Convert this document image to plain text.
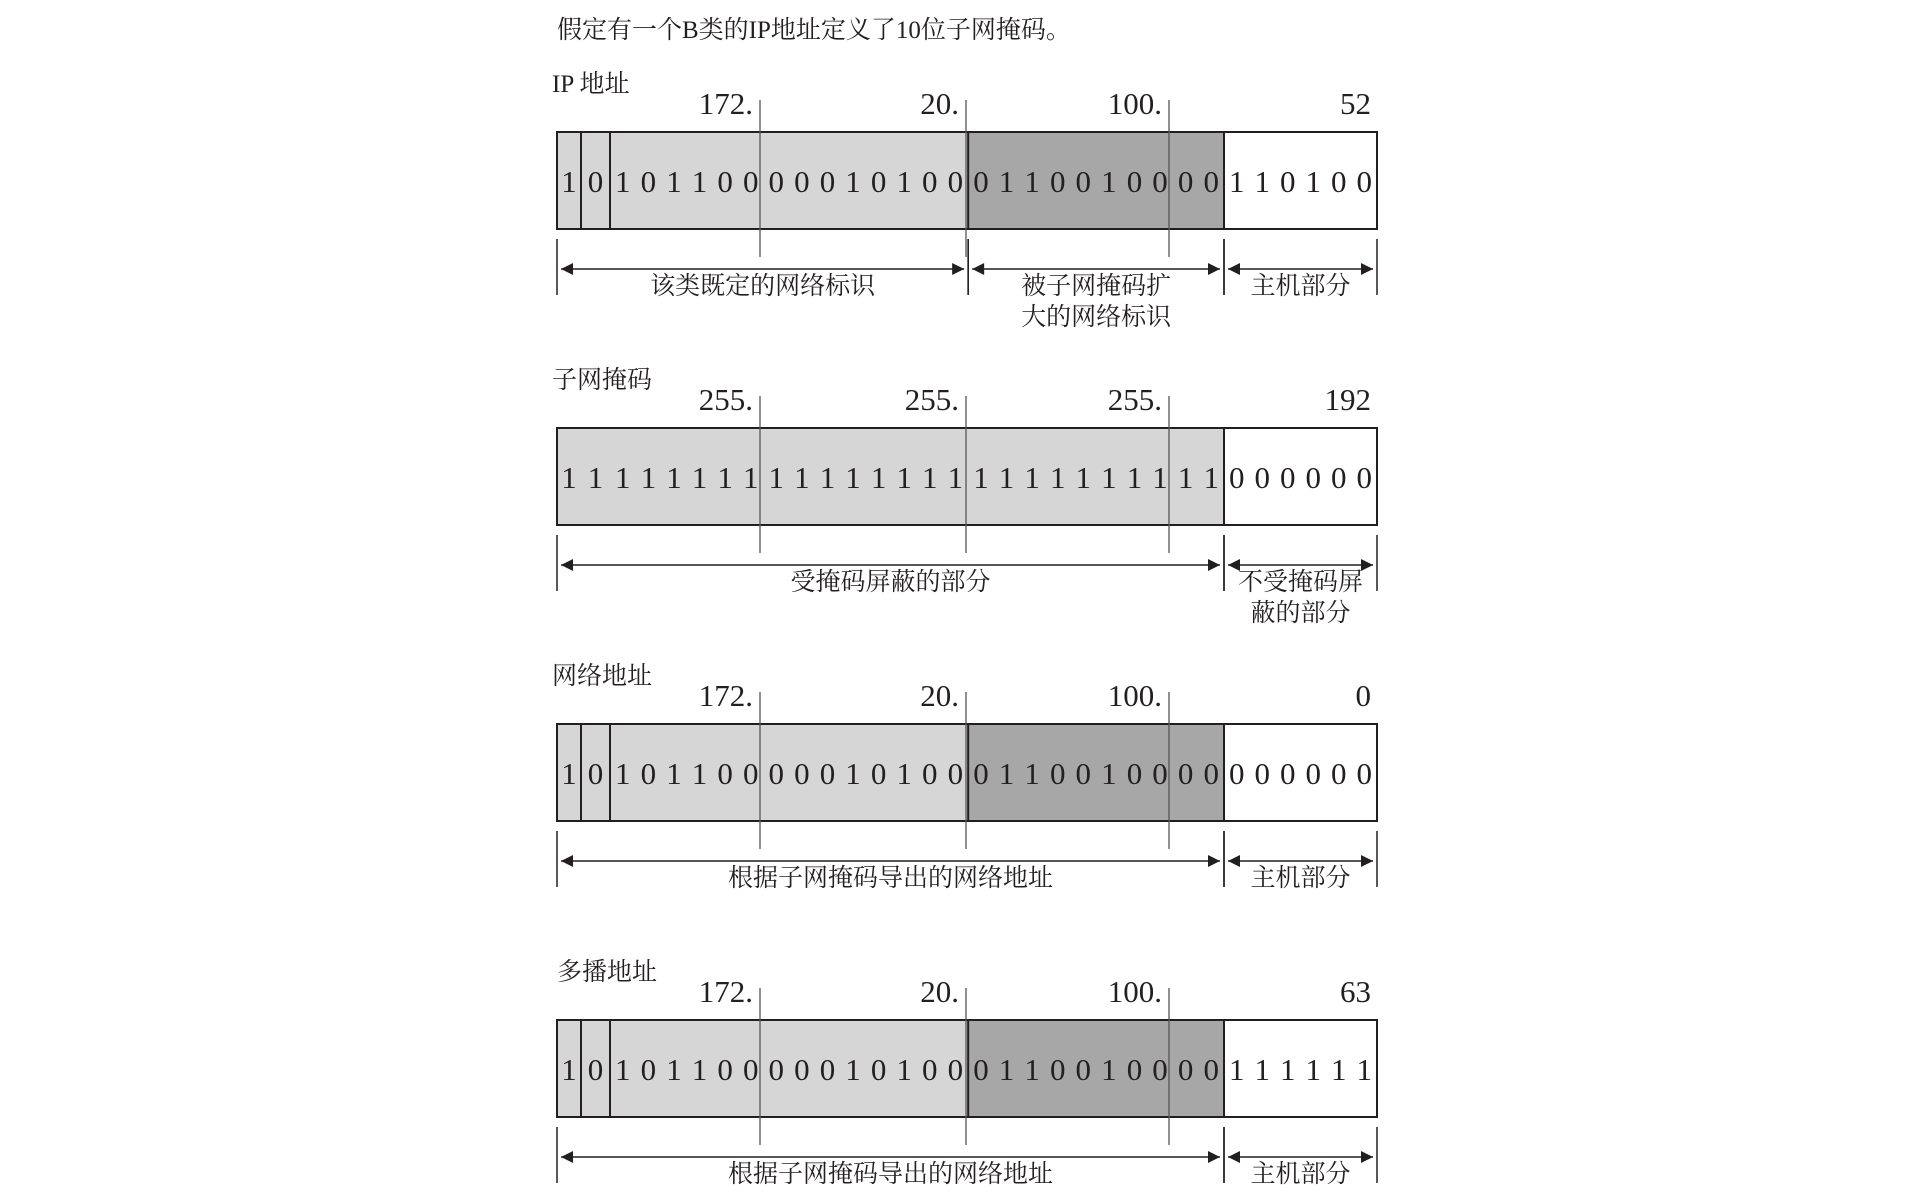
假定有一个B类的IP地址定义了10位子网掩码。
1 0 1 0 1 1 0 0 0 0 0 1 0 1 0 0 0 1 1 0 0 1 0 0 0 0 1 1 0 1 0 0
1 1 1 1 1 1 1 1 1 1 1 1 1 1 1 1 1 1 1 1 1 1 1 1 1 1 0 0 0 0 0 0
1 0 1 0 1 1 0 0 0 0 0 1 0 1 0 0 0 1 1 0 0 1 0 0 0 0 0 0 0 0 0 0
1 0 1 0 1 1 0 0 0 0 0 1 0 1 0 0 0 1 1 0 0 1 0 0 0 0 1 1 1 1 1 1
IP 地址
172.	20.	100.	52
该类既定的网络标识	被子网掩码扩
大的网络标识
主机部分
子网掩码
255.	255.	255.	192
受掩码屏蔽的部分	不受掩码屏
蔽的部分
网络地址
172.	20.	100.	0
根据子网掩码导出的网络地址	主机部分
多播地址
172.	20.	100.	63
根据子网掩码导出的网络地址	主机部分
